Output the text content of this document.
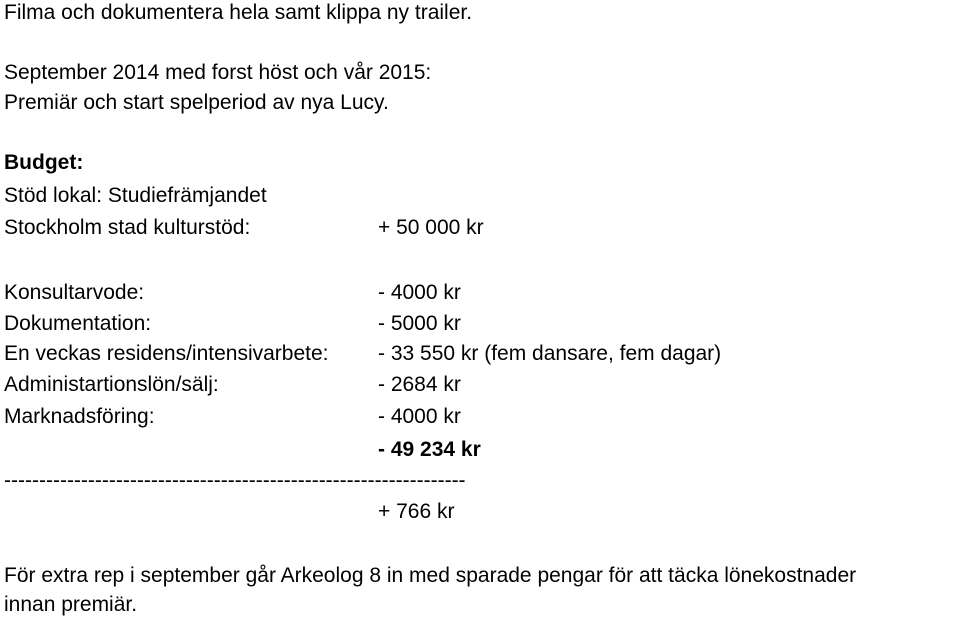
Filma och dokumentera hela samt klippa ny trailer.
September 2014 med forst höst och vår 2015:
Premiär och start spelperiod av nya Lucy.
Budget:
Stöd lokal: Studiefrämjandet
Stockholm stad kulturstöd:	+ 50 000 kr
Konsultarvode:	- 4000 kr
Dokumentation:	- 5000 kr
En veckas residens/intensivarbete: - 33 550 kr (fem dansare, fem dagar)
Administartionslön/sälj:	- 2684 kr
Marknadsföring:	- 4000 kr
- 49 234 kr
------------------------------------------------------------------
+ 766 kr
För extra rep i september går Arkeolog 8 in med sparade pengar för att täcka lönekostnader
innan premiär.
